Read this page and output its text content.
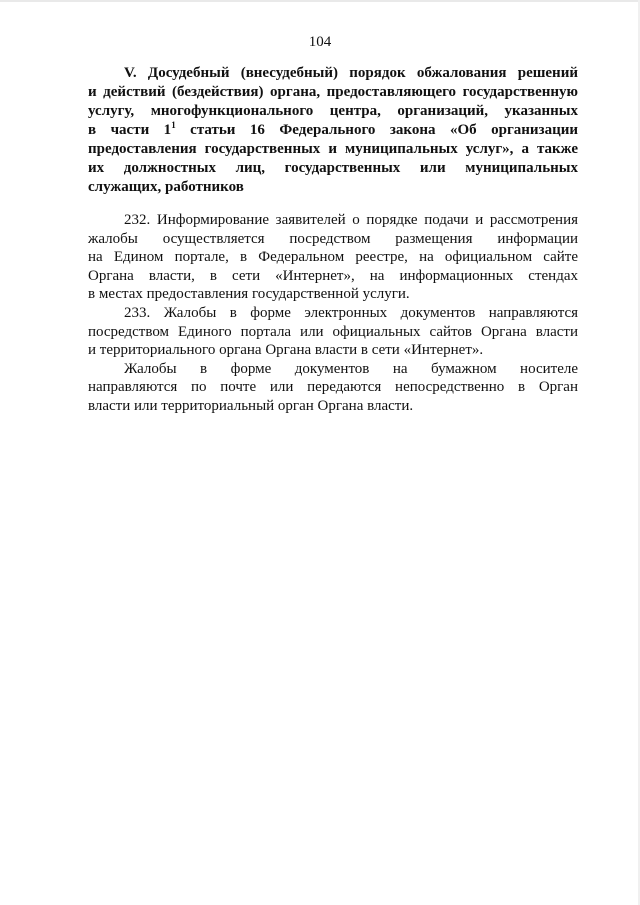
104
V. Досудебный (внесудебный) порядок обжалования решений
и действий (бездействия) органа, предоставляющего государственную
услугу, многофункционального центра, организаций, указанных
в части $1^1$ статьи 16 Федерального закона «Об организации
предоставления государственных и муниципальных услуг», а также
их должностных лиц, государственных или муниципальных
служащих, работников

232. Информирование заявителей о порядке подачи и рассмотрения
жалобы осуществляется посредством размещения информации
на Едином портале, в Федеральном реестре, на официальном сайте
Органа власти, в сети «Интернет», на информационных стендах
в местах предоставления государственной услуги.

233. Жалобы в форме электронных документов направляются
посредством Единого портала или официальных сайтов Органа власти
и территориального органа Органа власти в сети «Интернет».

Жалобы в форме документов на бумажном носителе
направляются по почте или передаются непосредственно в Орган
власти или территориальный орган Органа власти.
